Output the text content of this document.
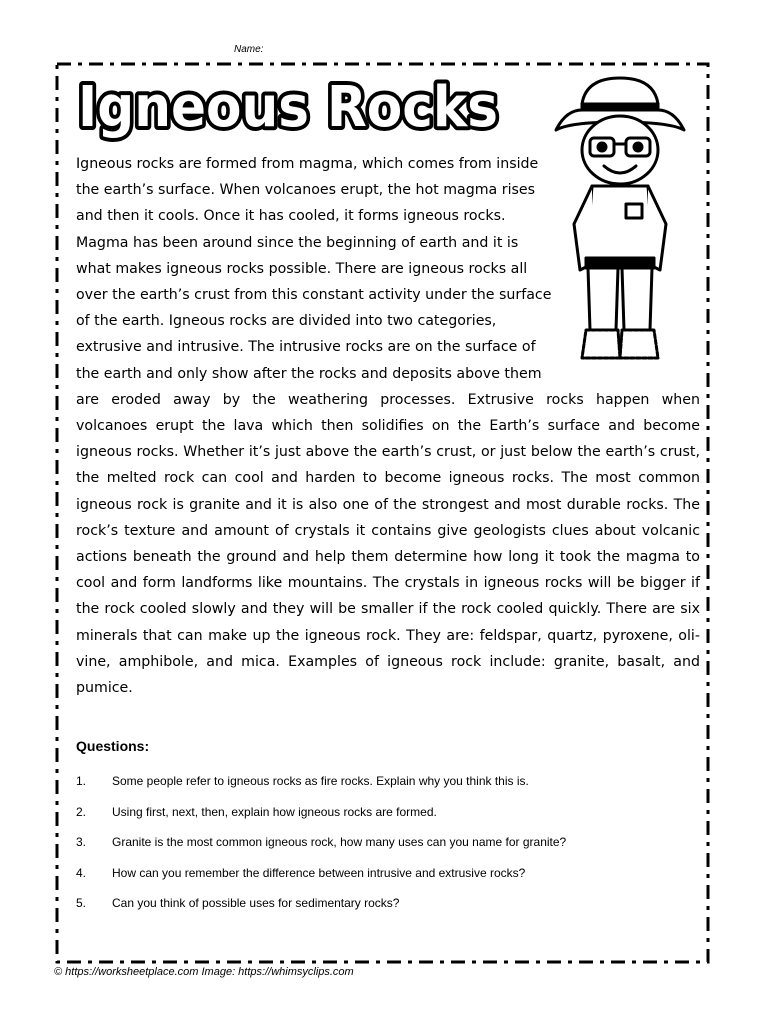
Name:
Igneous Rocks
Igneous rocks are formed from magma, which comes from inside
the earth’s surface. When volcanoes erupt, the hot magma rises
and then it cools. Once it has cooled, it forms igneous rocks.
Magma has been around since the beginning of earth and it is
what makes igneous rocks possible. There are igneous rocks all
over the earth’s crust from this constant activity under the surface
of the earth. Igneous rocks are divided into two categories,
extrusive and intrusive. The intrusive rocks are on the surface of
the earth and only show after the rocks and deposits above them
are eroded away by the weathering processes. Extrusive rocks happen when
volcanoes erupt the lava which then solidifies on the Earth’s surface and become
igneous rocks. Whether it’s just above the earth’s crust, or just below the earth’s crust,
the melted rock can cool and harden to become igneous rocks. The most common
igneous rock is granite and it is also one of the strongest and most durable rocks. The
rock’s texture and amount of crystals it contains give geologists clues about volcanic
actions beneath the ground and help them determine how long it took the magma to
cool and form landforms like mountains. The crystals in igneous rocks will be bigger if
the rock cooled slowly and they will be smaller if the rock cooled quickly. There are six
minerals that can make up the igneous rock. They are: feldspar, quartz, pyroxene, oli-
vine, amphibole, and mica. Examples of igneous rock include: granite, basalt, and
pumice.
Questions:
1.	Some people refer to igneous rocks as fire rocks. Explain why you think this is.
2.	Using first, next, then, explain how igneous rocks are formed.
3.	Granite is the most common igneous rock, how many uses can you name for granite?
4.	How can you remember the difference between intrusive and extrusive rocks?
5.	Can you think of possible uses for sedimentary rocks?
© https://worksheetplace.com Image: https://whimsyclips.com
